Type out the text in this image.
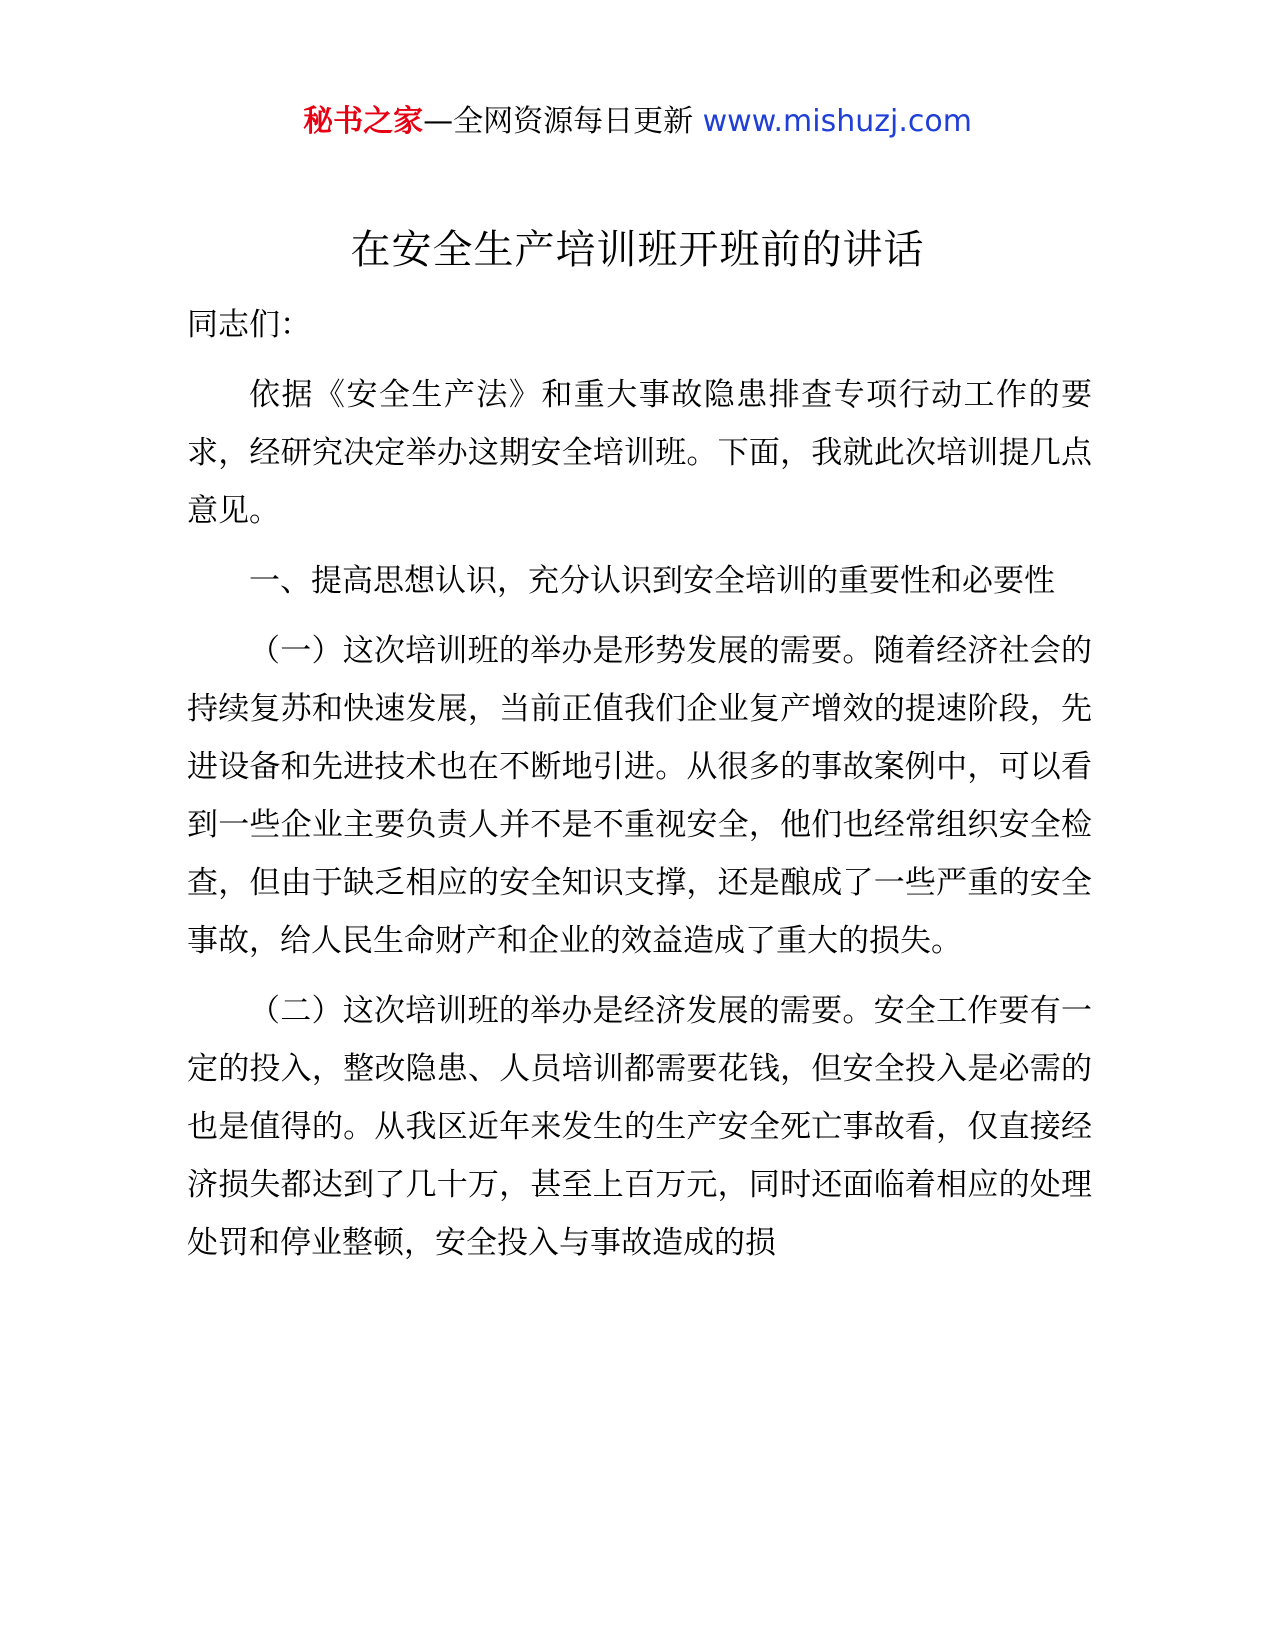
秘书之家—全网资源每日更新 www.mishuzj.com
在安全生产培训班开班前的讲话
同志们：

依据《安全生产法》和重大事故隐患排查专项行动工作的要求，经研究决定举办这期安全培训班。下面，我就此次培训提几点意见。

一、提高思想认识，充分认识到安全培训的重要性和必要性

（一）这次培训班的举办是形势发展的需要。随着经济社会的持续复苏和快速发展，当前正值我们企业复产增效的提速阶段，先进设备和先进技术也在不断地引进。从很多的事故案例中，可以看到一些企业主要负责人并不是不重视安全，他们也经常组织安全检查，但由于缺乏相应的安全知识支撑，还是酿成了一些严重的安全事故，给人民生命财产和企业的效益造成了重大的损失。

（二）这次培训班的举办是经济发展的需要。安全工作要有一定的投入，整改隐患、人员培训都需要花钱，但安全投入是必需的也是值得的。从我区近年来发生的生产安全死亡事故看，仅直接经济损失都达到了几十万，甚至上百万元，同时还面临着相应的处理处罚和停业整顿，安全投入与事故造成的损
